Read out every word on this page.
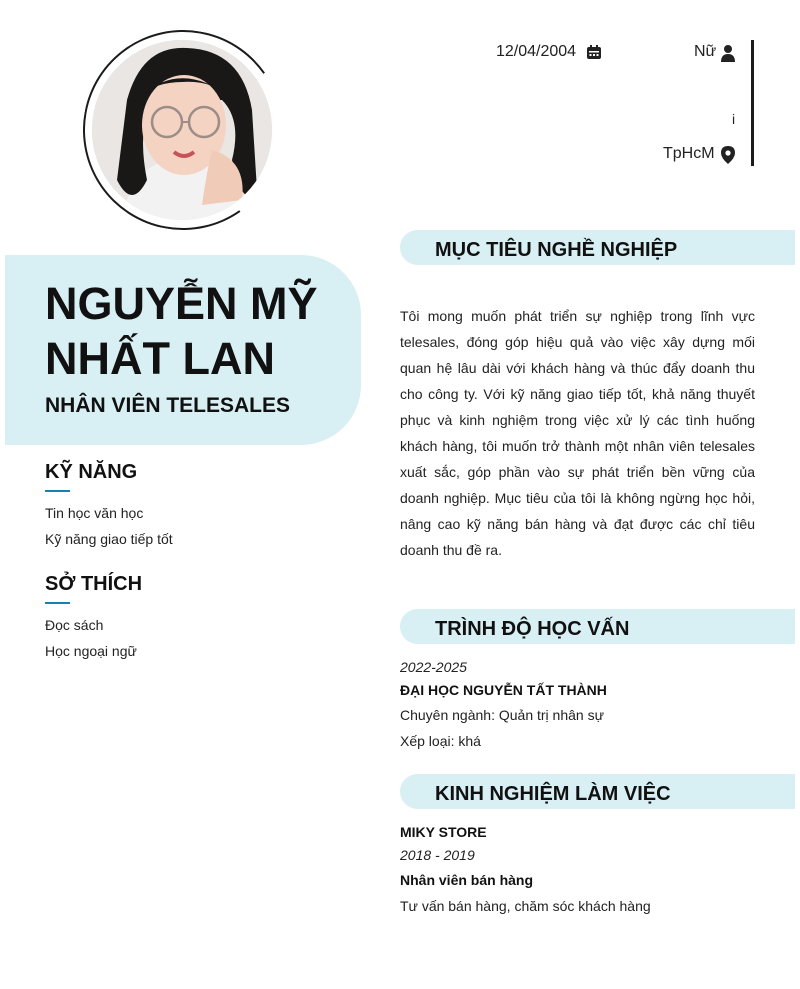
12/04/2004	Nữ
i
TpHcM
NGUYỄN MỸ NHẤT LAN
NHÂN VIÊN TELESALES
KỸ NĂNG
Tin học văn học
Kỹ năng giao tiếp tốt
SỞ THÍCH
Đọc sách
Học ngoại ngữ
MỤC TIÊU NGHỀ NGHIỆP
Tôi mong muốn phát triển sự nghiệp trong lĩnh vực telesales, đóng góp hiệu quả vào việc xây dựng mối quan hệ lâu dài với khách hàng và thúc đẩy doanh thu cho công ty. Với kỹ năng giao tiếp tốt, khả năng thuyết phục và kinh nghiệm trong việc xử lý các tình huống khách hàng, tôi muốn trở thành một nhân viên telesales xuất sắc, góp phần vào sự phát triển bền vững của doanh nghiệp. Mục tiêu của tôi là không ngừng học hỏi, nâng cao kỹ năng bán hàng và đạt được các chỉ tiêu doanh thu đề ra.
TRÌNH ĐỘ HỌC VẤN
2022-2025
ĐẠI HỌC NGUYỄN TẤT THÀNH
Chuyên ngành: Quản trị nhân sự
Xếp loại: khá
KINH NGHIỆM LÀM VIỆC
MIKY STORE
2018 - 2019
Nhân viên bán hàng
Tư vấn bán hàng, chăm sóc khách hàng
